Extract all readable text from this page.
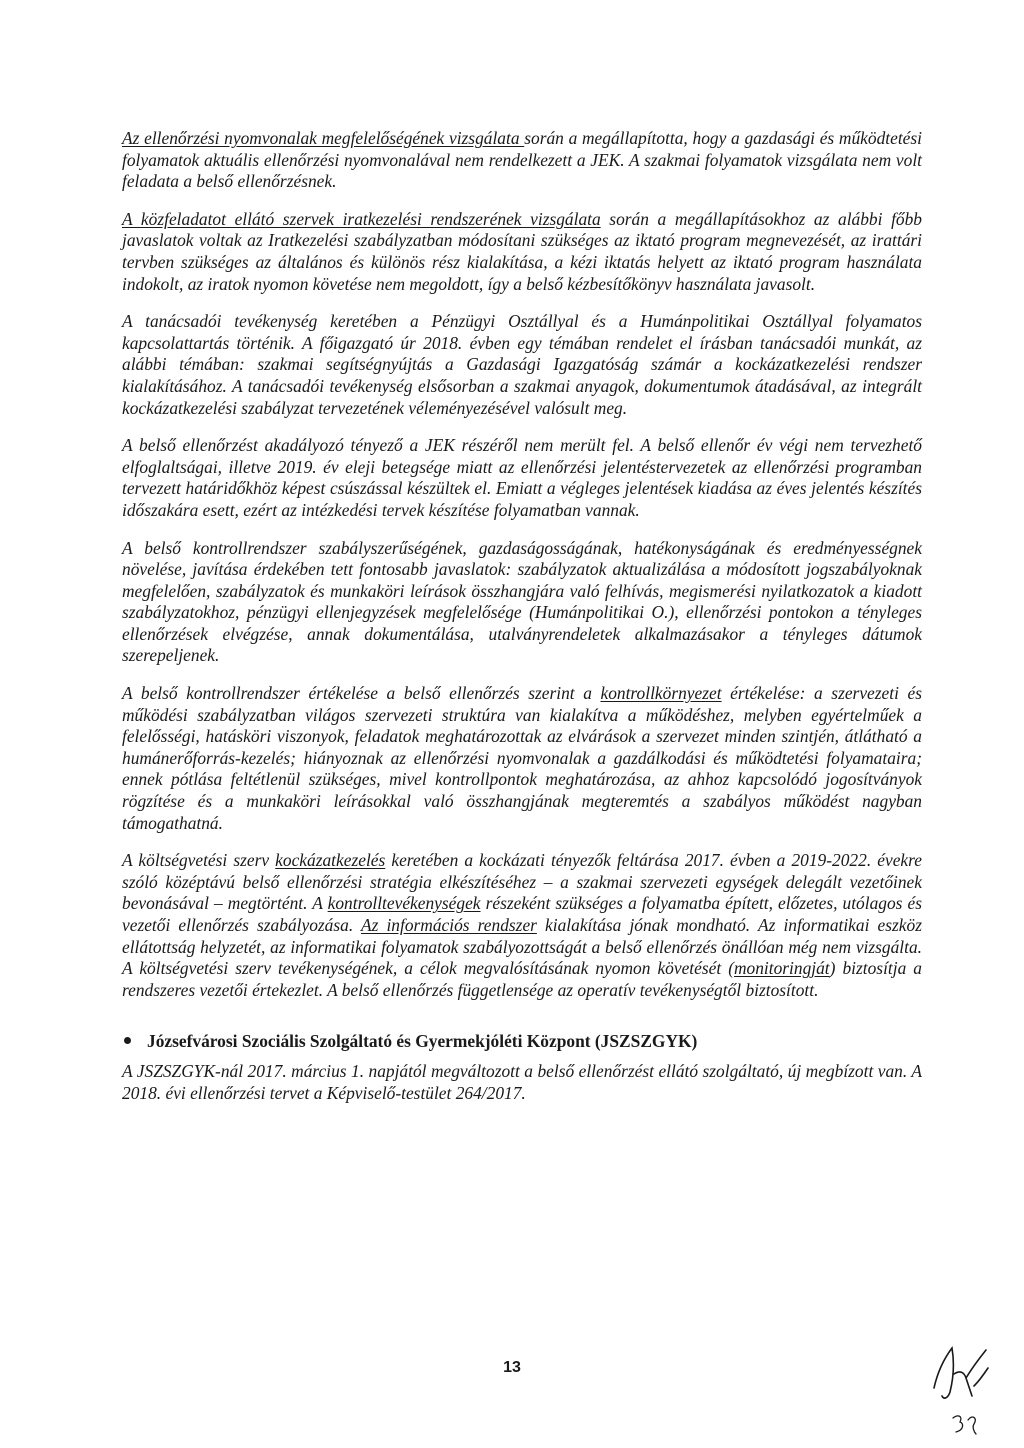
Az ellenőrzési nyomvonalak megfelelőségének vizsgálata során a megállapította, hogy a gazdasági és működtetési folyamatok aktuális ellenőrzési nyomvonalával nem rendelkezett a JEK. A szakmai folyamatok vizsgálata nem volt feladata a belső ellenőrzésnek.

A közfeladatot ellátó szervek iratkezelési rendszerének vizsgálata során a megállapításokhoz az alábbi főbb javaslatok voltak az Iratkezelési szabályzatban módosítani szükséges az iktató program megnevezését, az irattári tervben szükséges az általános és különös rész kialakítása, a kézi iktatás helyett az iktató program használata indokolt, az iratok nyomon követése nem megoldott, így a belső kézbesítőkönyv használata javasolt.

A tanácsadói tevékenység keretében a Pénzügyi Osztállyal és a Humánpolitikai Osztállyal folyamatos kapcsolattartás történik. A főigazgató úr 2018. évben egy témában rendelet el írásban tanácsadói munkát, az alábbi témában: szakmai segítségnyújtás a Gazdasági Igazgatóság számár a kockázatkezelési rendszer kialakításához. A tanácsadói tevékenység elsősorban a szakmai anyagok, dokumentumok átadásával, az integrált kockázatkezelési szabályzat tervezetének véleményezésével valósult meg.

A belső ellenőrzést akadályozó tényező a JEK részéről nem merült fel. A belső ellenőr év végi nem tervezhető elfoglaltságai, illetve 2019. év eleji betegsége miatt az ellenőrzési jelentéstervezetek az ellenőrzési programban tervezett határidőkhöz képest csúszással készültek el. Emiatt a végleges jelentések kiadása az éves jelentés készítés időszakára esett, ezért az intézkedési tervek készítése folyamatban vannak.

A belső kontrollrendszer szabályszerűségének, gazdaságosságának, hatékonyságának és eredményességnek növelése, javítása érdekében tett fontosabb javaslatok: szabályzatok aktualizálása a módosított jogszabályoknak megfelelően, szabályzatok és munkaköri leírások összhangjára való felhívás, megismerési nyilatkozatok a kiadott szabályzatokhoz, pénzügyi ellenjegyzések megfelelősége (Humánpolitikai O.), ellenőrzési pontokon a tényleges ellenőrzések elvégzése, annak dokumentálása, utalványrendeletek alkalmazásakor a tényleges dátumok szerepeljenek.

A belső kontrollrendszer értékelése a belső ellenőrzés szerint a kontrollkörnyezet értékelése: a szervezeti és működési szabályzatban világos szervezeti struktúra van kialakítva a működéshez, melyben egyértelműek a felelősségi, hatásköri viszonyok, feladatok meghatározottak az elvárások a szervezet minden szintjén, átlátható a humánerőforrás-kezelés; hiányoznak az ellenőrzési nyomvonalak a gazdálkodási és működtetési folyamataira; ennek pótlása feltétlenül szükséges, mivel kontrollpontok meghatározása, az ahhoz kapcsolódó jogosítványok rögzítése és a munkaköri leírásokkal való összhangjának megteremtés a szabályos működést nagyban támogathatná.

A költségvetési szerv kockázatkezelés keretében a kockázati tényezők feltárása 2017. évben a 2019-2022. évekre szóló középtávú belső ellenőrzési stratégia elkészítéséhez – a szakmai szervezeti egységek delegált vezetőinek bevonásával – megtörtént. A kontrolltevékenységek részeként szükséges a folyamatba épített, előzetes, utólagos és vezetői ellenőrzés szabályozása. Az információs rendszer kialakítása jónak mondható. Az informatikai eszköz ellátottság helyzetét, az informatikai folyamatok szabályozottságát a belső ellenőrzés önállóan még nem vizsgálta. A költségvetési szerv tevékenységének, a célok megvalósításának nyomon követését (monitoringját) biztosítja a rendszeres vezetői értekezlet. A belső ellenőrzés függetlensége az operatív tevékenységtől biztosított.

Józsefvárosi Szociális Szolgáltató és Gyermekjóléti Központ (JSZSZGYK)

A JSZSZGYK-nál 2017. március 1. napjától megváltozott a belső ellenőrzést ellátó szolgáltató, új megbízott van. A 2018. évi ellenőrzési tervet a Képviselő-testület 264/2017.

13
